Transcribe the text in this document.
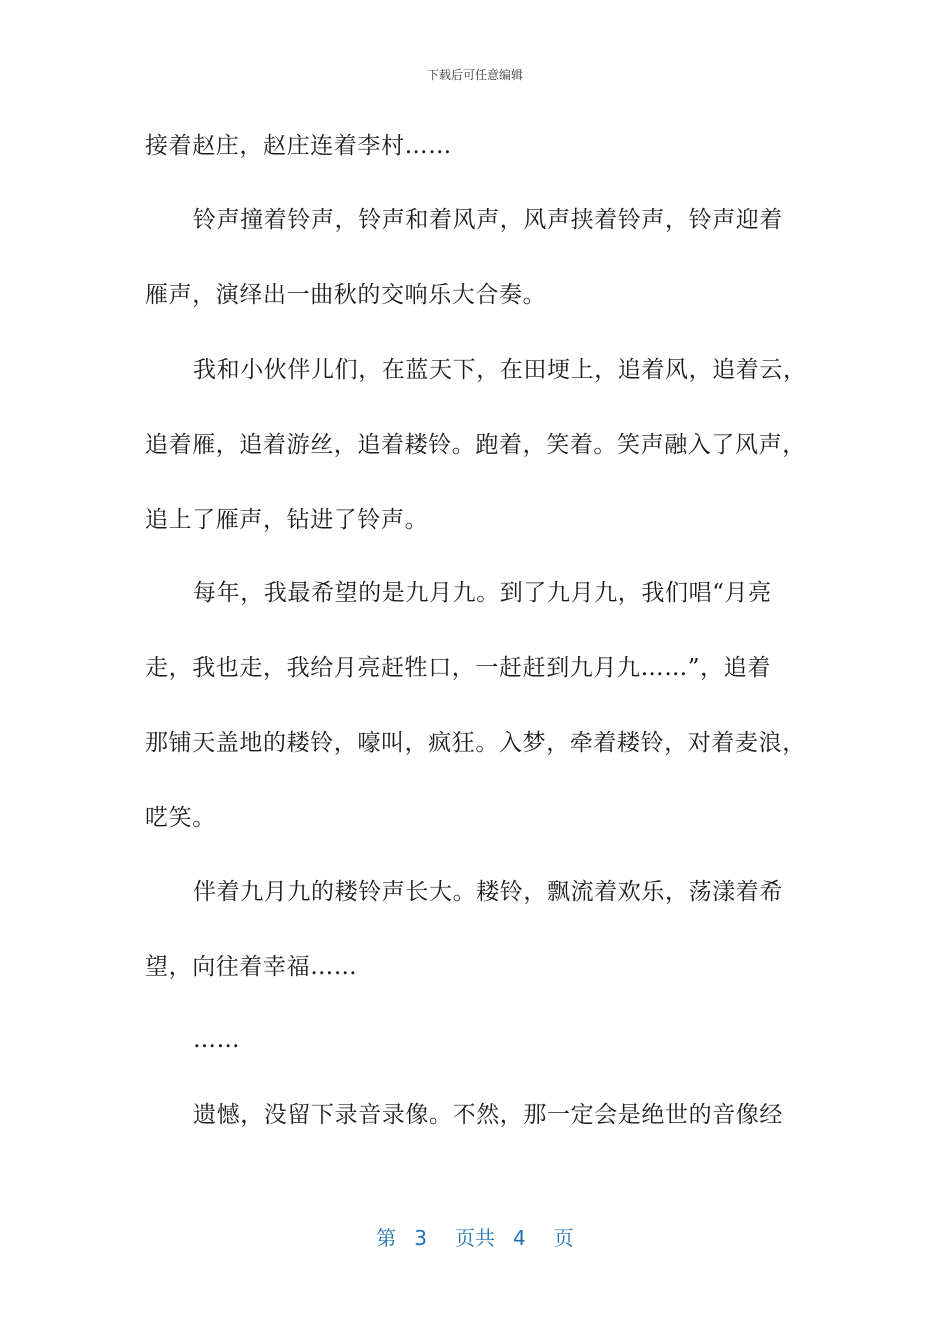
下载后可任意编辑
接着赵庄，赵庄连着李村……
铃声撞着铃声，铃声和着风声，风声挟着铃声，铃声迎着
雁声，演绎出一曲秋的交响乐大合奏。
我和小伙伴儿们，在蓝天下，在田埂上，追着风，追着云，
追着雁，追着游丝，追着耧铃。跑着，笑着。笑声融入了风声，
追上了雁声，钻进了铃声。
每年，我最希望的是九月九。到了九月九，我们唱“月亮
走，我也走，我给月亮赶牲口，一赶赶到九月九……”，追着
那铺天盖地的耧铃，嚎叫，疯狂。入梦，牵着耧铃，对着麦浪，
呓笑。
伴着九月九的耧铃声长大。耧铃，飘流着欢乐，荡漾着希
望，向往着幸福……
……
遗憾，没留下录音录像。不然，那一定会是绝世的音像经
第 3 页共 4 页
